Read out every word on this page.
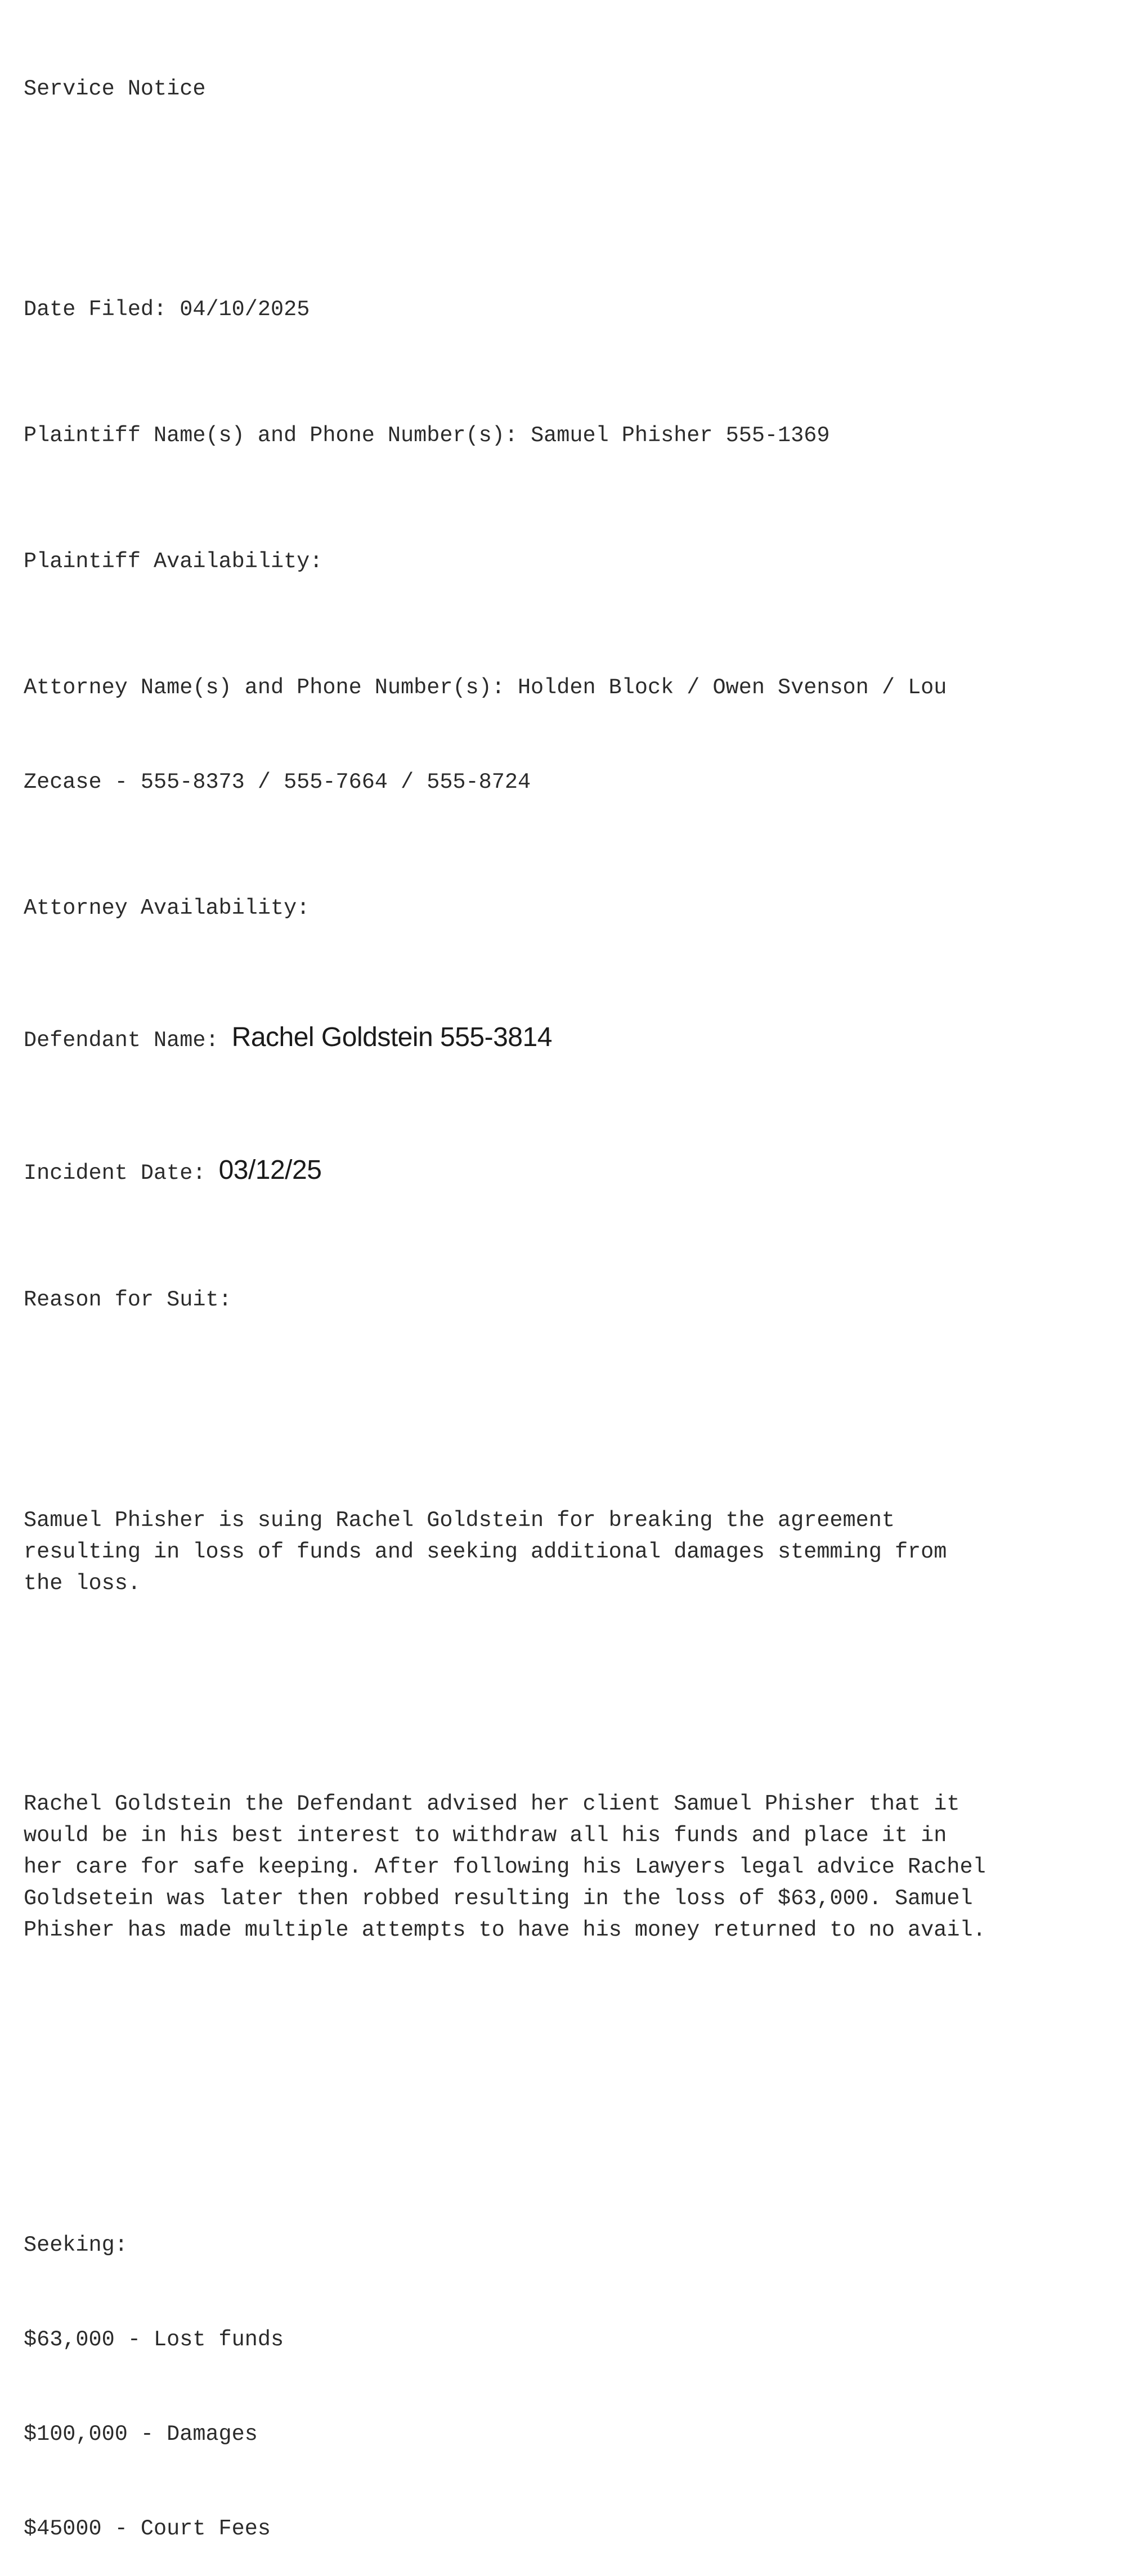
Service Notice

Date Filed: 04/10/2025

Plaintiff Name(s) and Phone Number(s): Samuel Phisher 555-1369

Plaintiff Availability:

Attorney Name(s) and Phone Number(s): Holden Block / Owen Svenson / Lou

Zecase - 555-8373 / 555-7664 / 555-8724

Attorney Availability:

Defendant Name: Rachel Goldstein 555-3814

Incident Date: 03/12/25

Reason for Suit:

Samuel Phisher is suing Rachel Goldstein for breaking the agreement
resulting in loss of funds and seeking additional damages stemming from
the loss.

Rachel Goldstein the Defendant advised her client Samuel Phisher that it
would be in his best interest to withdraw all his funds and place it in
her care for safe keeping. After following his Lawyers legal advice Rachel
Goldsetein was later then robbed resulting in the loss of $63,000. Samuel
Phisher has made multiple attempts to have his money returned to no avail.

Seeking:

$63,000 - Lost funds

$100,000 - Damages

$45000 - Court Fees
